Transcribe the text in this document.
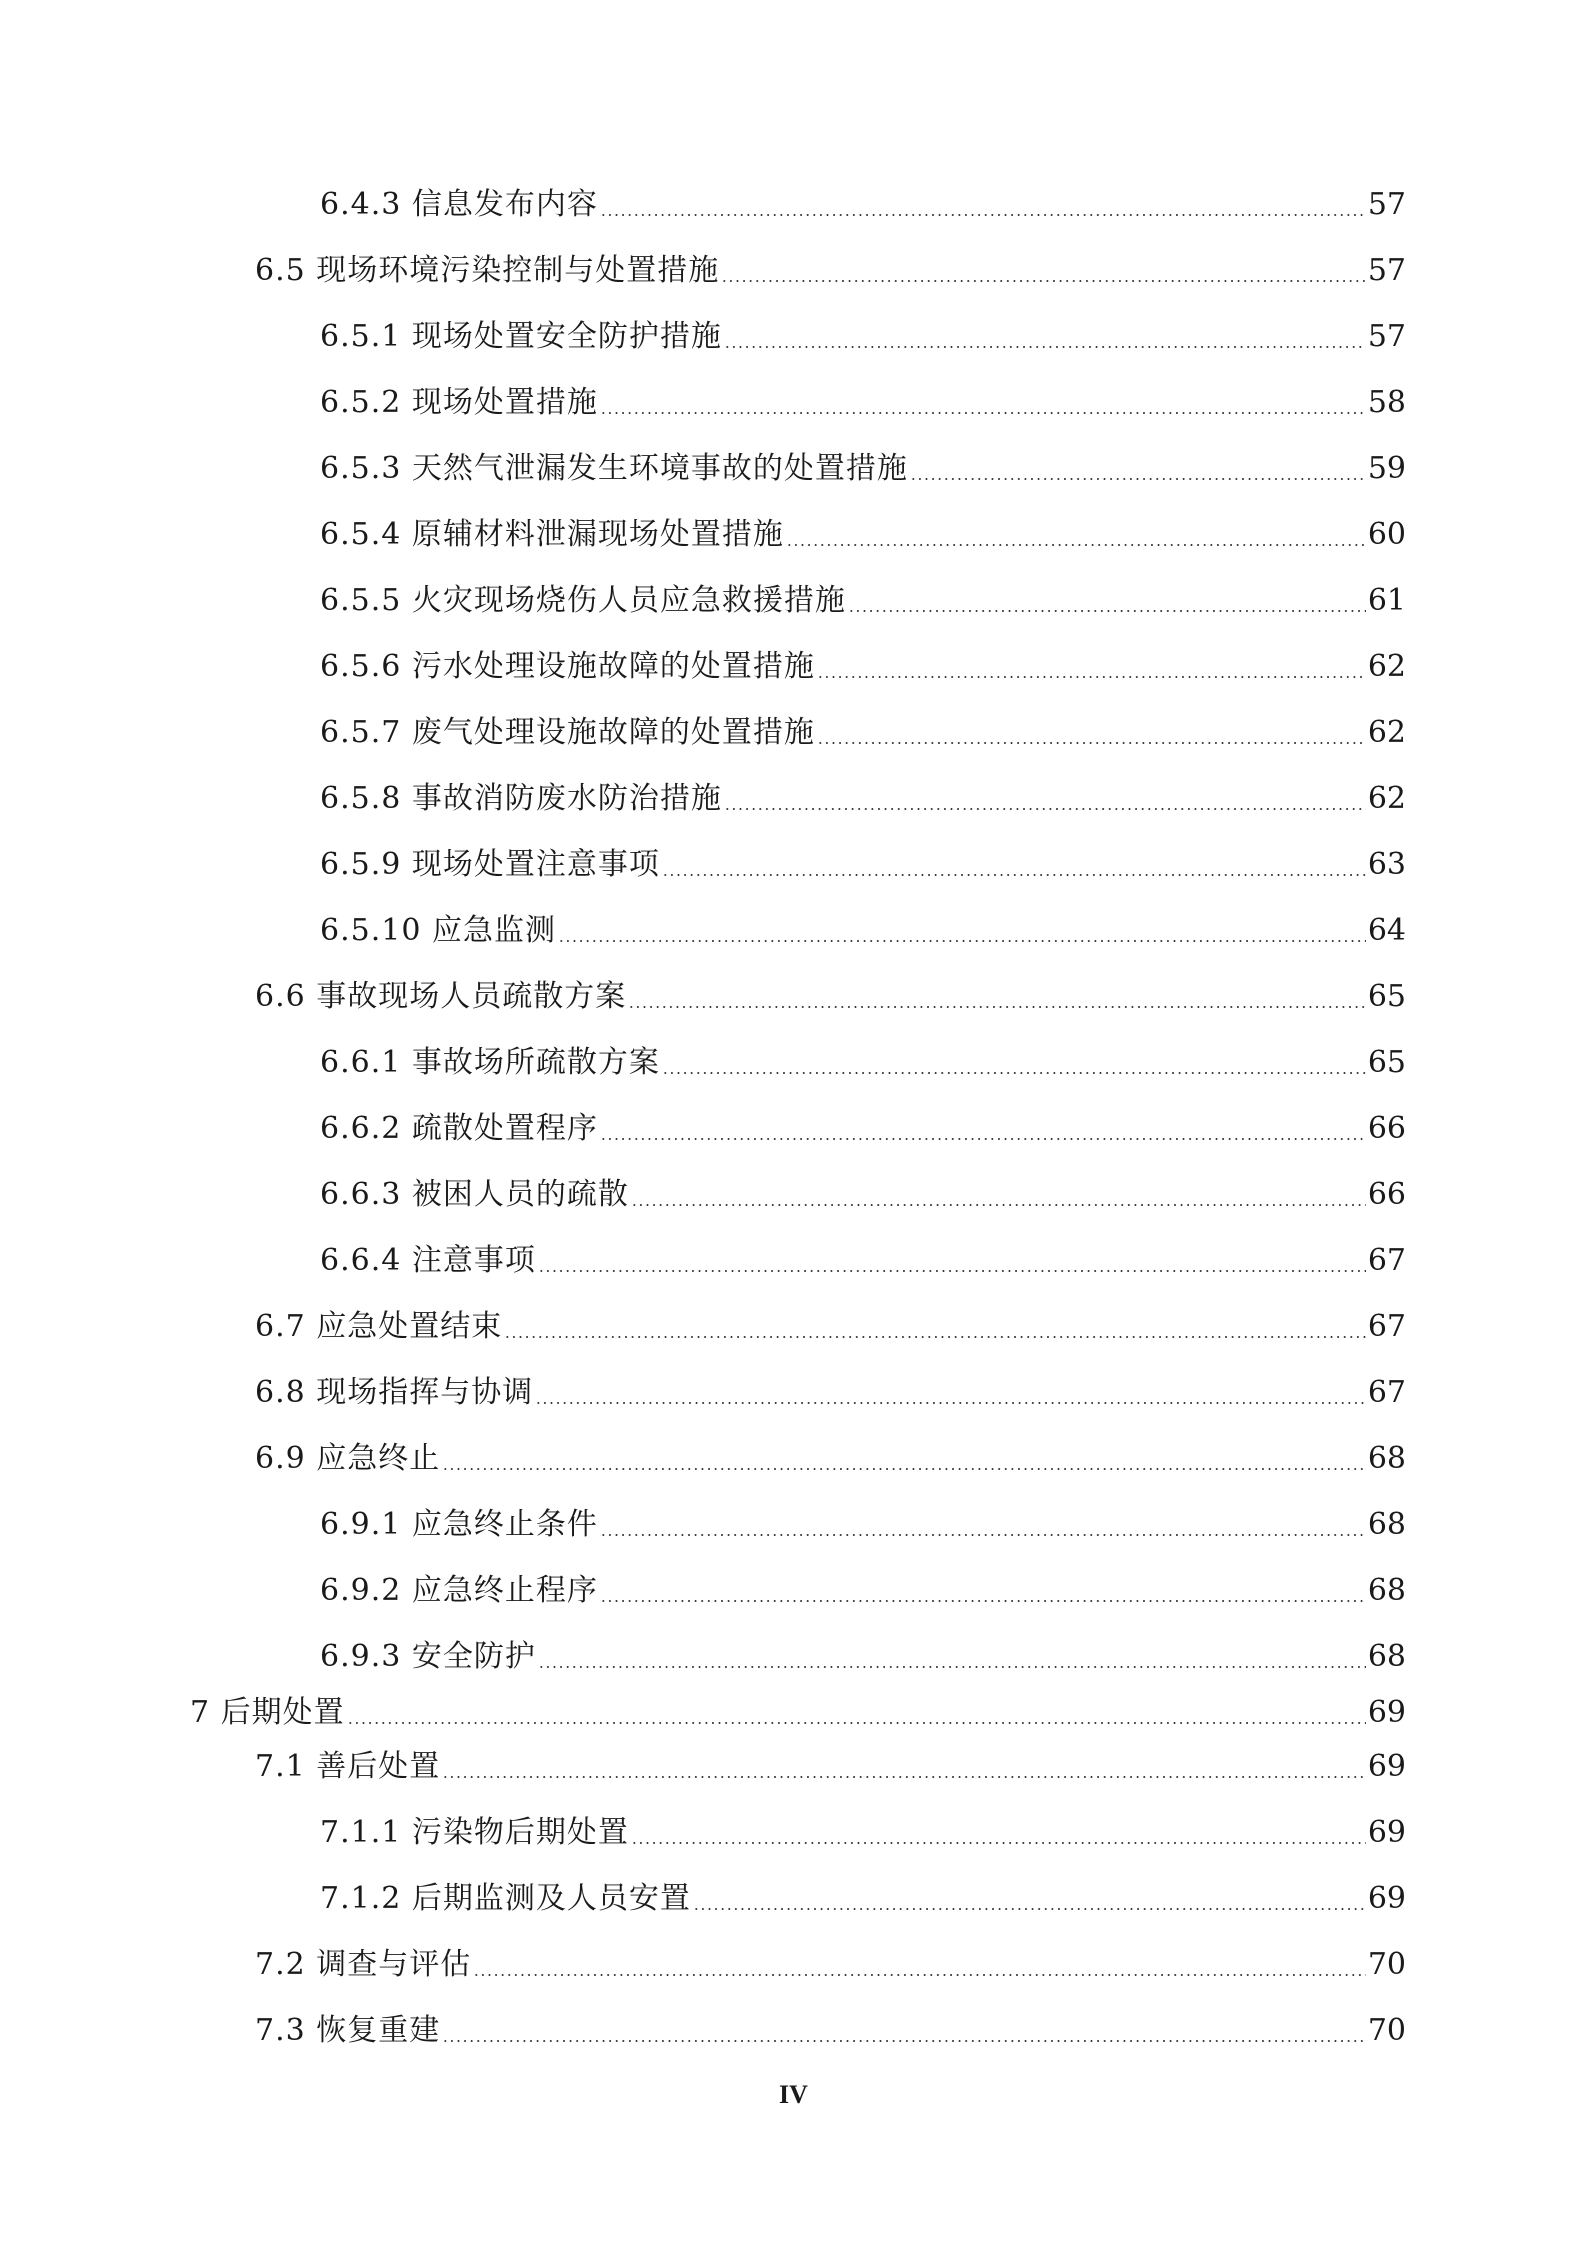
6.4.3 信息发布内容	57
6.5 现场环境污染控制与处置措施	57
6.5.1 现场处置安全防护措施	57
6.5.2 现场处置措施	58
6.5.3 天然气泄漏发生环境事故的处置措施	59
6.5.4 原辅材料泄漏现场处置措施	60
6.5.5 火灾现场烧伤人员应急救援措施	61
6.5.6 污水处理设施故障的处置措施	62
6.5.7 废气处理设施故障的处置措施	62
6.5.8 事故消防废水防治措施	62
6.5.9 现场处置注意事项	63
6.5.10 应急监测	64
6.6 事故现场人员疏散方案	65
6.6.1 事故场所疏散方案	65
6.6.2 疏散处置程序	66
6.6.3 被困人员的疏散	66
6.6.4 注意事项	67
6.7 应急处置结束	67
6.8 现场指挥与协调	67
6.9 应急终止	68
6.9.1 应急终止条件	68
6.9.2 应急终止程序	68
6.9.3 安全防护	68
7 后期处置	69
7.1 善后处置	69
7.1.1 污染物后期处置	69
7.1.2 后期监测及人员安置	69
7.2 调查与评估	70
7.3 恢复重建	70
IV
